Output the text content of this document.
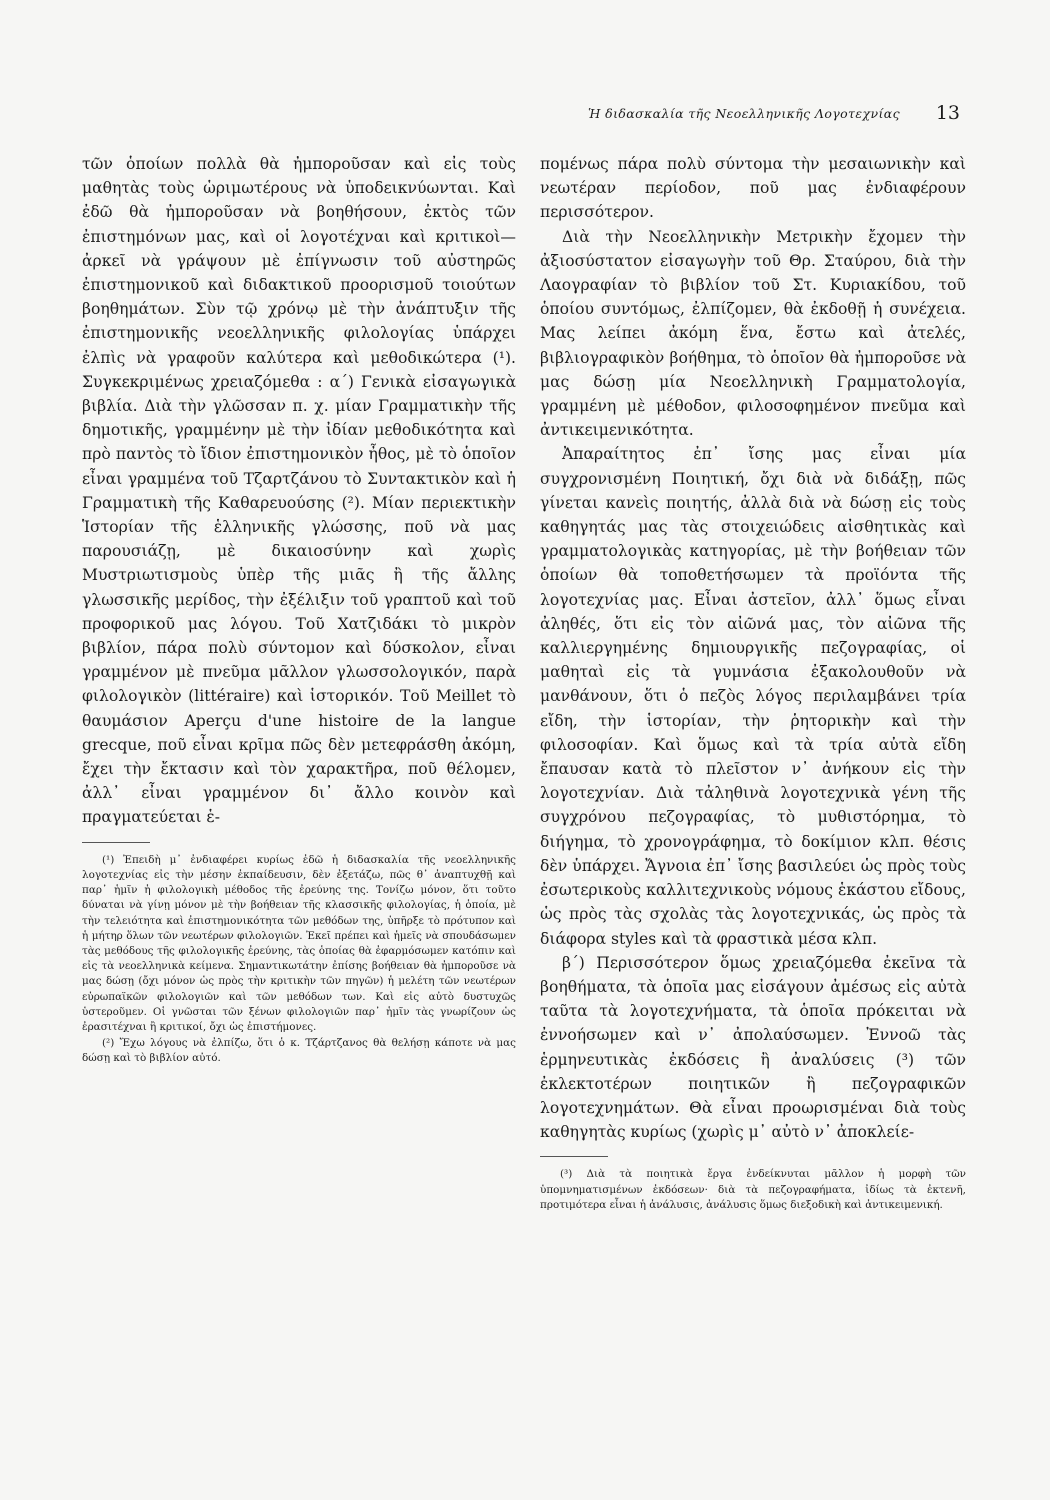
Ἡ διδασκαλία τῆς Νεοελληνικῆς Λογοτεχνίας 13

τῶν ὁποίων πολλὰ θὰ ἠμποροῦσαν καὶ εἰς τοὺς μαθητὰς τοὺς ὡριμωτέρους νὰ ὑποδεικνύωνται. Καὶ ἐδῶ θὰ ἠμποροῦσαν νὰ βοηθήσουν, ἐκτὸς τῶν ἐπιστημόνων μας, καὶ οἱ λογοτέχναι καὶ κριτικοὶ—ἀρκεῖ νὰ γράψουν μὲ ἐπίγνωσιν τοῦ αὐστηρῶς ἐπιστημονικοῦ καὶ διδακτικοῦ προορισμοῦ τοιούτων βοηθημάτων. Σὺν τῷ χρόνῳ μὲ τὴν ἀνάπτυξιν τῆς ἐπιστημονικῆς νεοελληνικῆς φιλολογίας ὑπάρχει ἐλπὶς νὰ γραφοῦν καλύτερα καὶ μεθοδικώτερα (¹). Συγκεκριμένως χρειαζόμεθα : α΄) Γενικὰ εἰσαγωγικὰ βιβλία. Διὰ τὴν γλῶσσαν π. χ. μίαν Γραμματικὴν τῆς δημοτικῆς, γραμμένην μὲ τὴν ἰδίαν μεθοδικότητα καὶ πρὸ παντὸς τὸ ἴδιον ἐπιστημονικὸν ἦθος, μὲ τὸ ὁποῖον εἶναι γραμμένα τοῦ Τζαρτζάνου τὸ Συντακτικὸν καὶ ἡ Γραμματικὴ τῆς Καθαρευούσης (²). Μίαν περιεκτικὴν Ἱστορίαν τῆς ἑλληνικῆς γλώσσης, ποῦ νὰ μας παρουσιάζῃ, μὲ δικαιοσύνην καὶ χωρὶς Μυστριωτισμοὺς ὑπὲρ τῆς μιᾶς ἢ τῆς ἄλλης γλωσσικῆς μερίδος, τὴν ἐξέλιξιν τοῦ γραπτοῦ καὶ τοῦ προφορικοῦ μας λόγου. Τοῦ Χατζιδάκι τὸ μικρὸν βιβλίον, πάρα πολὺ σύντομον καὶ δύσκολον, εἶναι γραμμένον μὲ πνεῦμα μᾶλλον γλωσσολογικόν, παρὰ φιλολογικὸν (littéraire) καὶ ἱστορικόν. Τοῦ Meillet τὸ θαυμάσιον Aperçu d'une histoire de la langue grecque, ποῦ εἶναι κρῖμα πῶς δὲν μετεφράσθη ἀκόμη, ἔχει τὴν ἔκτασιν καὶ τὸν χαρακτῆρα, ποῦ θέλομεν, ἀλλ᾽ εἶναι γραμμένον δι᾽ ἄλλο κοινὸν καὶ πραγματεύεται ἑ-

(¹) Ἐπειδὴ μ᾽ ἐνδιαφέρει κυρίως ἐδῶ ἡ διδασκαλία τῆς νεοελληνικῆς λογοτεχνίας εἰς τὴν μέσην ἐκπαίδευσιν, δὲν ἐξετάζω, πῶς θ᾽ ἀναπτυχθῇ καὶ παρ᾽ ἡμῖν ἡ φιλολογικὴ μέθοδος τῆς ἐρεύνης της. Τονίζω μόνον, ὅτι τοῦτο δύναται νὰ γίνῃ μόνον μὲ τὴν βοήθειαν τῆς κλασσικῆς φιλολογίας, ἡ ὁποία, μὲ τὴν τελειότητα καὶ ἐπιστημονικότητα τῶν μεθόδων της, ὑπῆρξε τὸ πρότυπον καὶ ἡ μήτηρ ὅλων τῶν νεωτέρων φιλολογιῶν. Ἐκεῖ πρέπει καὶ ἡμεῖς νὰ σπουδάσωμεν τὰς μεθόδους τῆς φιλολογικῆς ἐρεύνης, τὰς ὁποίας θὰ ἐφαρμόσωμεν κατόπιν καὶ εἰς τὰ νεοελληνικὰ κείμενα. Σημαντικωτάτην ἐπίσης βοήθειαν θὰ ἠμποροῦσε νὰ μας δώσῃ (ὄχι μόνον ὡς πρὸς τὴν κριτικὴν τῶν πηγῶν) ἡ μελέτη τῶν νεωτέρων εὐρωπαϊκῶν φιλολογιῶν καὶ τῶν μεθόδων των. Καὶ εἰς αὐτὸ δυστυχῶς ὑστεροῦμεν. Οἱ γνῶσται τῶν ξένων φιλολογιῶν παρ᾽ ἡμῖν τὰς γνωρίζουν ὡς ἐρασιτέχναι ἢ κριτικοί, ὄχι ὡς ἐπιστήμονες.

(²) Ἔχω λόγους νὰ ἐλπίζω, ὅτι ὁ κ. Τζάρτζανος θὰ θελήσῃ κάποτε νὰ μας δώσῃ καὶ τὸ βιβλίον αὐτό.

πομένως πάρα πολὺ σύντομα τὴν μεσαιωνικὴν καὶ νεωτέραν περίοδον, ποῦ μας ἐνδιαφέρουν περισσότερον.

Διὰ τὴν Νεοελληνικὴν Μετρικὴν ἔχομεν τὴν ἀξιοσύστατον εἰσαγωγὴν τοῦ Θρ. Σταύρου, διὰ τὴν Λαογραφίαν τὸ βιβλίον τοῦ Στ. Κυριακίδου, τοῦ ὁποίου συντόμως, ἐλπίζομεν, θὰ ἐκδοθῇ ἡ συνέχεια. Μας λείπει ἀκόμη ἕνα, ἔστω καὶ ἀτελές, βιβλιογραφικὸν βοήθημα, τὸ ὁποῖον θὰ ἠμποροῦσε νὰ μας δώσῃ μία Νεοελληνικὴ Γραμματολογία, γραμμένη μὲ μέθοδον, φιλοσοφημένον πνεῦμα καὶ ἀντικειμενικότητα.

Ἀπαραίτητος ἐπ᾽ ἴσης μας εἶναι μία συγχρονισμένη Ποιητική, ὄχι διὰ νὰ διδάξῃ, πῶς γίνεται κανεὶς ποιητής, ἀλλὰ διὰ νὰ δώσῃ εἰς τοὺς καθηγητάς μας τὰς στοιχειώδεις αἰσθητικὰς καὶ γραμματολογικὰς κατηγορίας, μὲ τὴν βοήθειαν τῶν ὁποίων θὰ τοποθετήσωμεν τὰ προϊόντα τῆς λογοτεχνίας μας. Εἶναι ἀστεῖον, ἀλλ᾽ ὅμως εἶναι ἀληθές, ὅτι εἰς τὸν αἰῶνά μας, τὸν αἰῶνα τῆς καλλιεργημένης δημιουργικῆς πεζογραφίας, οἱ μαθηταὶ εἰς τὰ γυμνάσια ἐξακολουθοῦν νὰ μανθάνουν, ὅτι ὁ πεζὸς λόγος περιλαμβάνει τρία εἴδη, τὴν ἱστορίαν, τὴν ῥητορικὴν καὶ τὴν φιλοσοφίαν. Καὶ ὅμως καὶ τὰ τρία αὐτὰ εἴδη ἔπαυσαν κατὰ τὸ πλεῖστον ν᾽ ἀνήκουν εἰς τὴν λογοτεχνίαν. Διὰ τἀληθινὰ λογοτεχνικὰ γένη τῆς συγχρόνου πεζογραφίας, τὸ μυθιστόρημα, τὸ διήγημα, τὸ χρονογράφημα, τὸ δοκίμιον κλπ. θέσις δὲν ὑπάρχει. Ἄγνοια ἐπ᾽ ἴσης βασιλεύει ὡς πρὸς τοὺς ἐσωτερικοὺς καλλιτεχνικοὺς νόμους ἑκάστου εἴδους, ὡς πρὸς τὰς σχολὰς τὰς λογοτεχνικάς, ὡς πρὸς τὰ διάφορα styles καὶ τὰ φραστικὰ μέσα κλπ.

β΄) Περισσότερον ὅμως χρειαζόμεθα ἐκεῖνα τὰ βοηθήματα, τὰ ὁποῖα μας εἰσάγουν ἀμέσως εἰς αὐτὰ ταῦτα τὰ λογοτεχνήματα, τὰ ὁποῖα πρόκειται νὰ ἐννοήσωμεν καὶ ν᾽ ἀπολαύσωμεν. Ἐννοῶ τὰς ἑρμηνευτικὰς ἐκδόσεις ἢ ἀναλύσεις (³) τῶν ἐκλεκτοτέρων ποιητικῶν ἢ πεζογραφικῶν λογοτεχνημάτων. Θὰ εἶναι προωρισμέναι διὰ τοὺς καθηγητὰς κυρίως (χωρὶς μ᾽ αὐτὸ ν᾽ ἀποκλείε-

(³) Διὰ τὰ ποιητικὰ ἔργα ἐνδείκνυται μᾶλλον ἡ μορφὴ τῶν ὑπομνηματισμένων ἐκδόσεων· διὰ τὰ πεζογραφήματα, ἰδίως τὰ ἐκτενῆ, προτιμότερα εἶναι ἡ ἀνάλυσις, ἀνάλυσις ὅμως διεξοδικὴ καὶ ἀντικειμενική.
